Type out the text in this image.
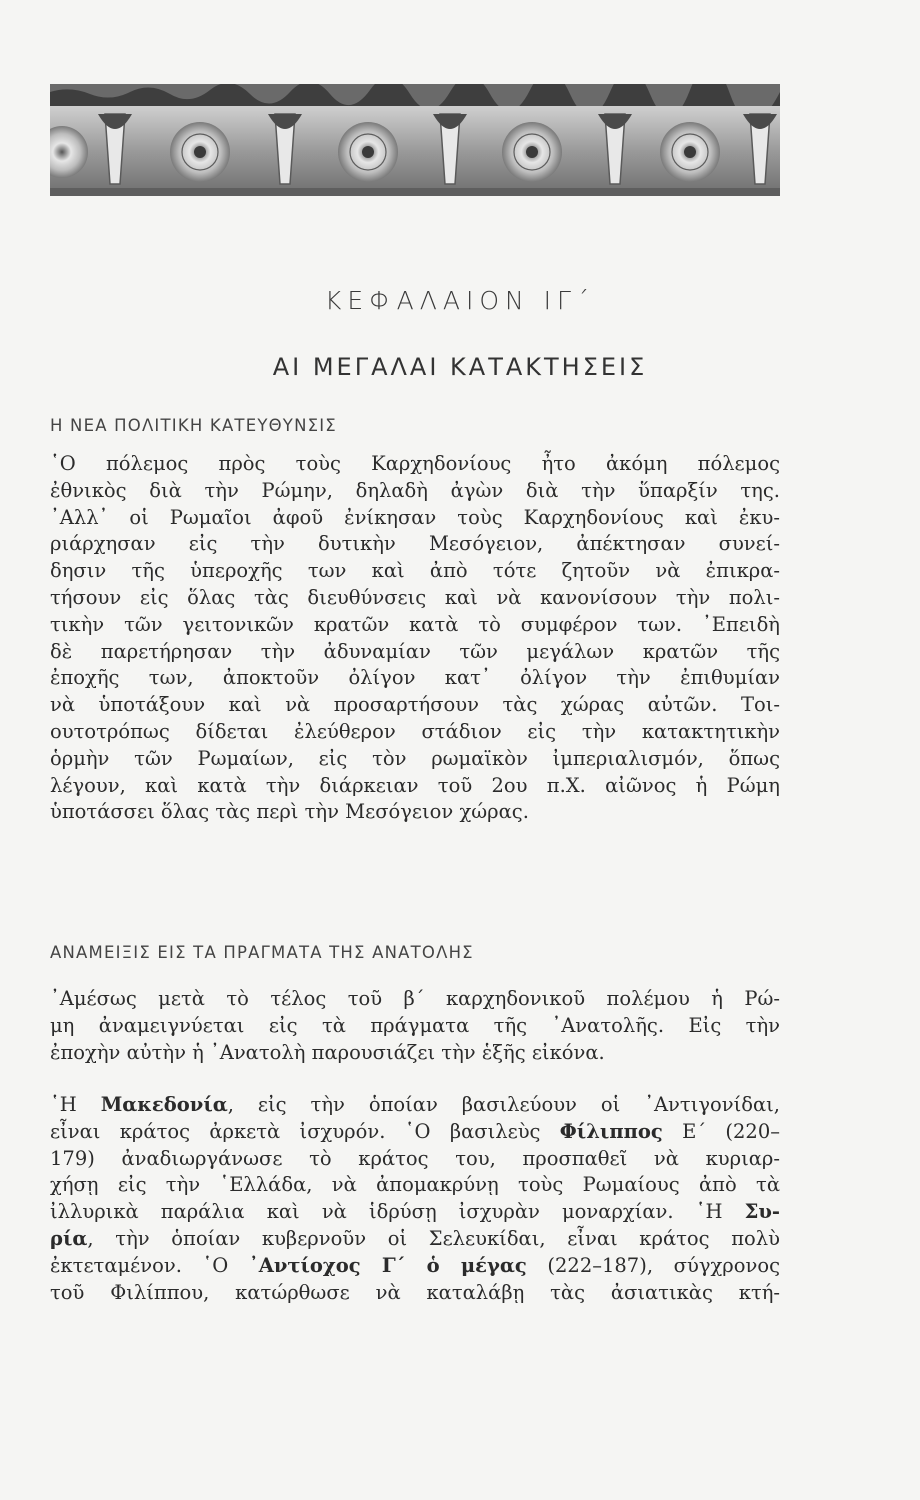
ΚΕΦΑΛΑΙΟΝ ΙΓ΄
ΑΙ ΜΕΓΑΛΑΙ ΚΑΤΑΚΤΗΣΕΙΣ
Η ΝΕΑ ΠΟΛΙΤΙΚΗ ΚΑΤΕΥΘΥΝΣΙΣ
῾Ο πόλεμος πρὸς τοὺς Καρχηδονίους ἦτο ἀκόμη πόλεμος
ἐθνικὸς διὰ τὴν Ρώμην, δηλαδὴ ἀγὼν διὰ τὴν ὕπαρξίν της.
᾿Αλλ᾿ οἱ Ρωμαῖοι ἀφοῦ ἐνίκησαν τοὺς Καρχηδονίους καὶ ἐκυ-
ριάρχησαν εἰς τὴν δυτικὴν Μεσόγειον, ἀπέκτησαν συνεί-
δησιν τῆς ὑπεροχῆς των καὶ ἀπὸ τότε ζητοῦν νὰ ἐπικρα-
τήσουν εἰς ὅλας τὰς διευθύνσεις καὶ νὰ κανονίσουν τὴν πολι-
τικὴν τῶν γειτονικῶν κρατῶν κατὰ τὸ συμφέρον των. ᾿Επειδὴ
δὲ παρετήρησαν τὴν ἀδυναμίαν τῶν μεγάλων κρατῶν τῆς
ἐποχῆς των, ἀποκτοῦν ὀλίγον κατ᾿ ὀλίγον τὴν ἐπιθυμίαν
νὰ ὑποτάξουν καὶ νὰ προσαρτήσουν τὰς χώρας αὐτῶν. Τοι-
ουτοτρόπως δίδεται ἐλεύθερον στάδιον εἰς τὴν κατακτητικὴν
ὁρμὴν τῶν Ρωμαίων, εἰς τὸν ρωμαϊκὸν ἰμπεριαλισμόν, ὅπως
λέγουν, καὶ κατὰ τὴν διάρκειαν τοῦ 2ου π.Χ. αἰῶνος ἡ Ρώμη
ὑποτάσσει ὅλας τὰς περὶ τὴν Μεσόγειον χώρας.
ΑΝΑΜΕΙΞΙΣ ΕΙΣ ΤΑ ΠΡΑΓΜΑΤΑ ΤΗΣ ΑΝΑΤΟΛΗΣ
᾿Αμέσως μετὰ τὸ τέλος τοῦ β΄ καρχηδονικοῦ πολέμου ἡ Ρώ-
μη ἀναμειγνύεται εἰς τὰ πράγματα τῆς ᾿Ανατολῆς. Εἰς τὴν
ἐποχὴν αὐτὴν ἡ ᾿Ανατολὴ παρουσιάζει τὴν ἑξῆς εἰκόνα.
῾Η Μακεδονία, εἰς τὴν ὁποίαν βασιλεύουν οἱ ᾿Αντιγονίδαι,
εἶναι κράτος ἀρκετὰ ἰσχυρόν. ῾Ο βασιλεὺς Φίλιππος Ε΄ (220–
179) ἀναδιωργάνωσε τὸ κράτος του, προσπαθεῖ νὰ κυριαρ-
χήσῃ εἰς τὴν ῾Ελλάδα, νὰ ἀπομακρύνῃ τοὺς Ρωμαίους ἀπὸ τὰ
ἰλλυρικὰ παράλια καὶ νὰ ἱδρύσῃ ἰσχυρὰν μοναρχίαν. ῾Η Συ-
ρία, τὴν ὁποίαν κυβερνοῦν οἱ Σελευκίδαι, εἶναι κράτος πολὺ
ἐκτεταμένον. ῾Ο ᾿Αντίοχος Γ΄ ὁ μέγας (222–187), σύγχρονος
τοῦ Φιλίππου, κατώρθωσε νὰ καταλάβῃ τὰς ἀσιατικὰς κτή-
